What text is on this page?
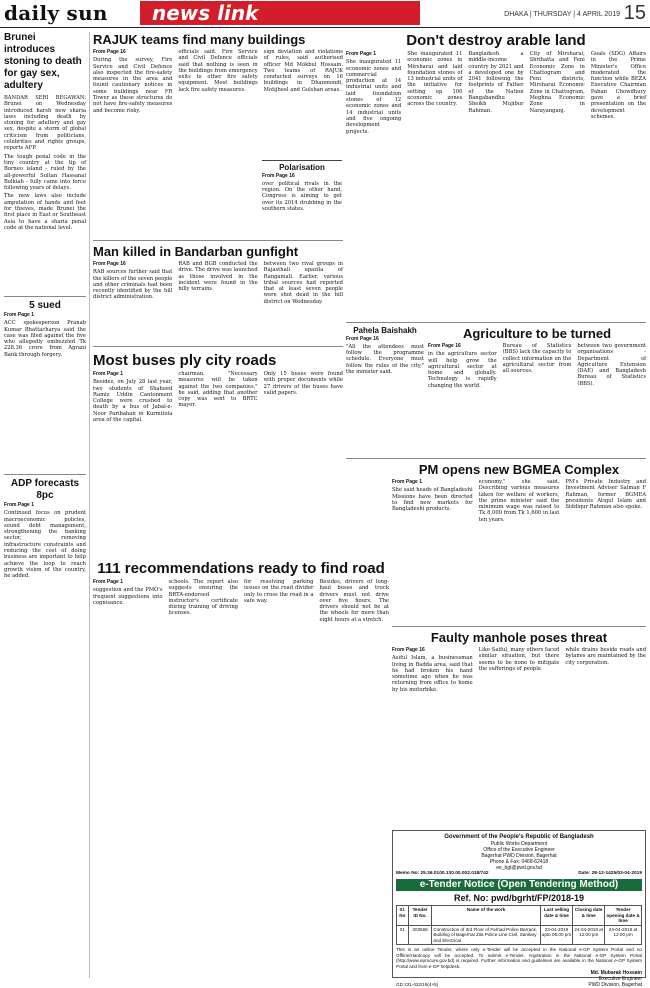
daily sun	news link	DHAKA | THURSDAY | 4 APRIL 2019 15
Brunei introduces stoning to death for gay sex, adultery

BANDAR SERI BEGAWAN: Brunei on Wednesday introduced harsh new sharia laws including death by stoning for adultery and gay sex, despite a storm of global criticism from politicians, celebrities and rights groups, reports AFP.

The tough penal code in the tiny country at the tip of Borneo island - ruled by the all-powerful Sultan Hassanal Bolkiah - fully came into force following years of delays.

The new laws also include amputation of hands and feet for thieves, made Brunei the first place in East or Southeast Asia to have a sharia penal code at the national level.

5 sued
From Page 1

ACC spokesperson Pranab Kumar Bhattacharya said the case was filed against the five who allegedly embezzled Tk 228.36 crore from Agrani Bank through forgery.

ADP forecasts 8pc
From Page 1

Continued focus on prudent macroeconomic policies, sound debt management, strengthening the banking sector, removing infrastructure constraints and reducing the cost of doing business are important to help achieve the loop to reach growth vision of the country, he added.

RAJUK teams find many buildings
From Page 16

During the survey, Fire Service and Civil Defence also inspected the fire-safety measures in the area and found cautionary notices in some buildings near FR Tower as these structures do not have fire-safety measures and become risky.

officials said. Fire Service and Civil Defence officials said that nothing is seen in the buildings from emergency exits to other fire safety equipment. Most buildings lack fire safety measures.

sign deviation and violations of rules, said authorised officer Md Mokbul Hossain. Two teams of RAJUK conducted surveys on 16 buildings in Dhanmondi, Motijheel and Gulshan areas.

Polarisation
From Page 16

over political rivals in the region. On the other hand, Congress is aiming to get over its 2014 drubbing in the southern states.

Man killed in Bandarban gunfight
From Page 16

RAB sources further said that the killers of the seven people and other criminals had been recently identified by the hill district administration.

RAB and BGB conducted the drive. The drive was launched as those involved in the incident were found in the hilly terrains.

between two rival groups in Rajasthali upazila of Rangamati. Earlier, various tribal sources had reported that at least seven people were shot dead in the hill district on Wednesday.

Pahela Baishakh
From Page 16

"All the attendees must follow the programme schedule. Everyone must follow the rules of the city," the minister said.

Most buses ply city roads
From Page 1

Besides, on July 28 last year, two students of Shaheed Ramiz Uddin Cantonment College were crushed to death by a bus of Jabal-e-Noor Paribahan in Kurmitola area of the capital.

chairman. "Necessary measures will be taken against the two companies," he said, adding that another copy was sent to BRTC mayor.

Only 15 buses were found with proper documents while 27 drivers of the buses have valid papers.

Don't destroy arable land
From Page 1

She inaugurated 11 economic zones and commercial production at 14 industrial units and laid foundation stones of 12 economic zones and 14 industrial units and five ongoing development projects.

She inaugurated 11 economic zones in Mirsharai and laid foundation stones of 13 industrial units of the initiative for setting up 100 economic zones across the country.

Bangladesh a middle-income country by 2021 and a developed one by 2041 following the footprints of Father of the Nation Bangabandhu Sheikh Mujibur Rahman.

City of Mirsharai, Shrihatta and Feni Economic Zone in Chattogram and Feni districts, Mirsharai Economic Zone in Chattogram, Meghna Economic Zone in Narayanganj.

Goals (SDG) Affairs in the Prime Minister's Office moderated the function while BEZA Executive Chairman Paban Chowdhury gave a brief presentation on the development schemes.

Agriculture to be turned
From Page 16

in the agriculture sector will help grow the agricultural sector at home and globally. Technology is rapidly changing the world.

Bureau of Statistics (BBS) lack the capacity to collect information on the agricultural sector from all sources.

between two government organisations - Department of Agriculture Extension (DAE) and Bangladesh Bureau of Statistics (BBS).

PM opens new BGMEA Complex
From Page 1

She said heads of Bangladeshi Missions have been directed to find new markets for Bangladeshi products.

economy," she said. Describing various measures taken for welfare of workers, the prime minister said the minimum wage was raised to Tk 8,000 from Tk 1,600 in last ten years.

PM's Private Industry and Investment Adviser Salman F Rahman, former BGMEA presidents Atiqul Islam and Siddiqur Rahman also spoke.

111 recommendations ready to find road
From Page 1

suggestion and the PMO's frequent suggestions into cognisance.

schools. The report also suggests ensuring the BRTA-endorsed instructor's certificate during training of driving licenses.

for resolving parking issues on the road divider only to cross the road in a safe way.

Besides, drivers of long-haul buses and truck drivers must not drive over five hours. The drivers should not be at the wheels for more than eight hours at a stretch.

Faulty manhole poses threat
From Page 16

Asiful Islam, a businessman living in Badda area, said that he had broken his hand sometime ago when he was returning from office to home by his motorbike.

Like Saiful, many others faced similar situation, but there seems to be none to mitigate the sufferings of people.

while drains beside roads and bylanes are maintained by the city corporation.

Government of the People's Republic of Bangladesh
Public Works Department
Office of the Executive Engineer
Bagerhat PWD Division, Bagerhat
Phone & Fax: 0468-62418
ee_bgt@pwd.gov.bd
Memo No: 25.36.0100.130.00.002.018/742	Date: 28-12-1425/03-04-2019
e-Tender Notice (Open Tendering Method)
Ref. No: pwd/bgrht/FP/2018-19
Sl. No	Tender ID No.	Name of the work	Last selling date & time	Closing date & time	Tender opening date & time
01	303568	Construction of 3rd Floor of Farhad Police Barrack, Building of Bagerhat Zila Police Line Civil, Sanitary and Electrical	23-04-2019 upto 05:00 pm	24-04-2019 at 12:00 pm	24-04-2019 at 12:00 pm
This is an online Tender, where only e-Tender will be accepted in the National e-GP System Portal and no Offline/Hardcopy will be accepted. To submit e-Tender, registration in the National e-GP System Portal (http://www.eprocure.gov.bd) is required. Further information and guidelines are available in the National e-GP System Portal and from e-GP helpdesk.
GD 231-432/19(4×5)
Md. Mubarak Hossain
Executive Engineer
PWD Division, Bagerhat
